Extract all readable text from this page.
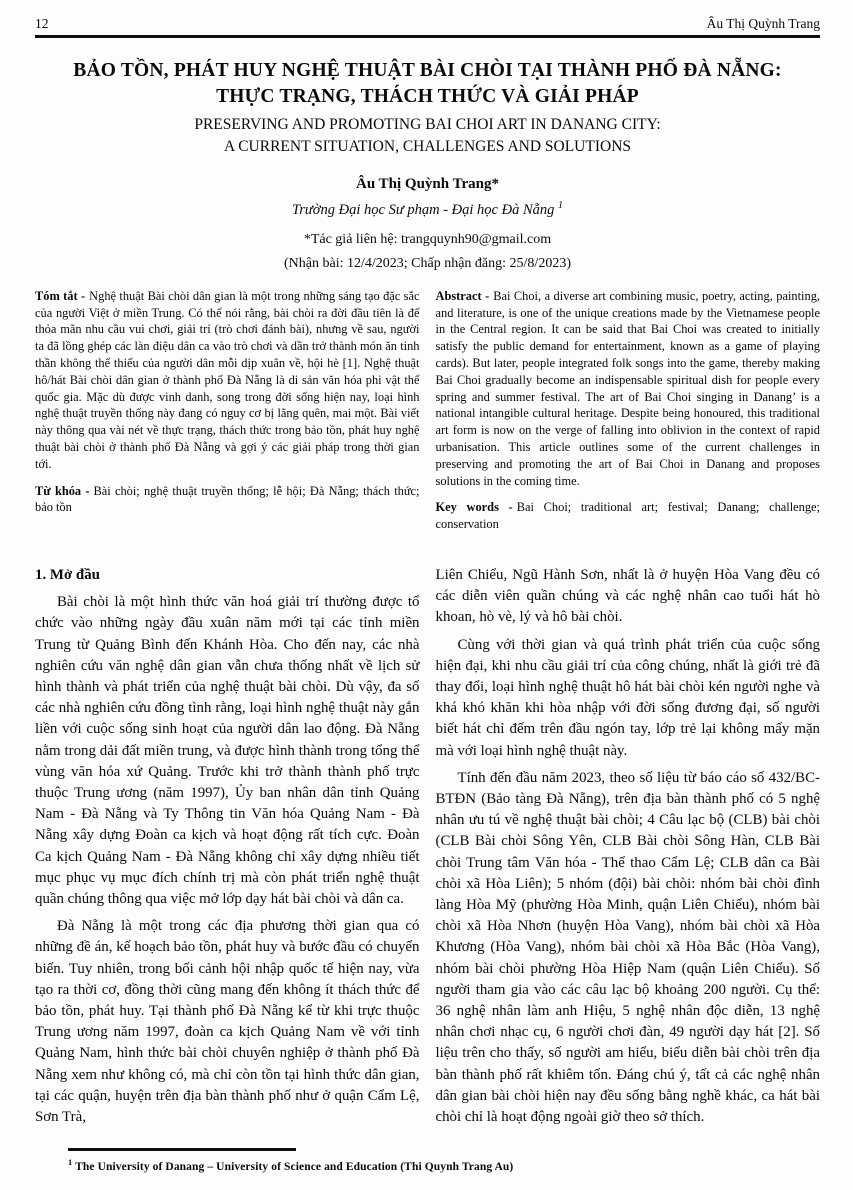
12	Âu Thị Quỳnh Trang
BẢO TỒN, PHÁT HUY NGHỆ THUẬT BÀI CHÒI TẠI THÀNH PHỐ ĐÀ NẴNG:
THỰC TRẠNG, THÁCH THỨC VÀ GIẢI PHÁP
PRESERVING AND PROMOTING BAI CHOI ART IN DANANG CITY:
A CURRENT SITUATION, CHALLENGES AND SOLUTIONS
Âu Thị Quỳnh Trang*
Trường Đại học Sư phạm - Đại học Đà Nẵng $^1$
*Tác giả liên hệ: trangquynh90@gmail.com
(Nhận bài: 12/4/2023; Chấp nhận đăng: 25/8/2023)

Tóm tắt - Nghệ thuật Bài chòi dân gian là một trong những sáng tạo đặc sắc của người Việt ở miền Trung. Có thể nói rằng, bài chòi ra đời đầu tiên là để thỏa mãn nhu cầu vui chơi, giải trí (trò chơi đánh bài), nhưng về sau, người ta đã lồng ghép các làn điệu dân ca vào trò chơi và dần trở thành món ăn tinh thần không thể thiếu của người dân mỗi dịp xuân về, hội hè [1]. Nghệ thuật hô/hát Bài chòi dân gian ở thành phố Đà Nẵng là di sản văn hóa phi vật thể quốc gia. Mặc dù được vinh danh, song trong đời sống hiện nay, loại hình nghệ thuật truyền thống này đang có nguy cơ bị lãng quên, mai một. Bài viết này thông qua vài nét về thực trạng, thách thức trong bảo tồn, phát huy nghệ thuật bài chòi ở thành phố Đà Nẵng và gợi ý các giải pháp trong thời gian tới.

Từ khóa - Bài chòi; nghệ thuật truyền thống; lễ hội; Đà Nẵng; thách thức; bảo tồn

Abstract - Bai Choi, a diverse art combining music, poetry, acting, painting, and literature, is one of the unique creations made by the Vietnamese people in the Central region. It can be said that Bai Choi was created to initially satisfy the public demand for entertainment, known as a game of playing cards). But later, people integrated folk songs into the game, thereby making Bai Choi gradually become an indispensable spiritual dish for people every spring and summer festival. The art of Bai Choi singing in Danang’ is a national intangible cultural heritage. Despite being honoured, this traditional art form is now on the verge of falling into oblivion in the context of rapid urbanisation. This article outlines some of the current challenges in preserving and promoting the art of Bai Choi in Danang and proposes solutions in the coming time.

Key words - Bai Choi; traditional art; festival; Danang; challenge; conservation

1. Mở đầu

Bài chòi là một hình thức văn hoá giải trí thường được tổ chức vào những ngày đầu xuân năm mới tại các tỉnh miền Trung từ Quảng Bình đến Khánh Hòa. Cho đến nay, các nhà nghiên cứu văn nghệ dân gian vẫn chưa thống nhất về lịch sử hình thành và phát triển của nghệ thuật bài chòi. Dù vậy, đa số các nhà nghiên cứu đồng tình rằng, loại hình nghệ thuật này gắn liền với cuộc sống sinh hoạt của người dân lao động. Đà Nẵng nằm trong dải đất miền trung, và được hình thành trong tổng thể vùng văn hóa xứ Quảng. Trước khi trở thành thành phố trực thuộc Trung ương (năm 1997), Ủy ban nhân dân tỉnh Quảng Nam - Đà Nẵng và Ty Thông tin Văn hóa Quảng Nam - Đà Nẵng xây dựng Đoàn ca kịch và hoạt động rất tích cực. Đoàn Ca kịch Quảng Nam - Đà Nẵng không chỉ xây dựng nhiều tiết mục phục vụ mục đích chính trị mà còn phát triển nghệ thuật quần chúng thông qua việc mở lớp dạy hát bài chòi và dân ca.

Đà Nẵng là một trong các địa phương thời gian qua có những đề án, kế hoạch bảo tồn, phát huy và bước đầu có chuyển biến. Tuy nhiên, trong bối cảnh hội nhập quốc tế hiện nay, vừa tạo ra thời cơ, đồng thời cũng mang đến không ít thách thức để bảo tồn, phát huy. Tại thành phố Đà Nẵng kể từ khi trực thuộc Trung ương năm 1997, đoàn ca kịch Quảng Nam về với tỉnh Quảng Nam, hình thức bài chòi chuyên nghiệp ở thành phố Đà Nẵng xem như không có, mà chỉ còn tồn tại hình thức dân gian, tại các quận, huyện trên địa bàn thành phố như ở quận Cẩm Lệ, Sơn Trà,

Liên Chiểu, Ngũ Hành Sơn, nhất là ở huyện Hòa Vang đều có các diễn viên quần chúng và các nghệ nhân cao tuổi hát hò khoan, hò vè, lý và hô bài chòi.

Cùng với thời gian và quá trình phát triển của cuộc sống hiện đại, khi nhu cầu giải trí của công chúng, nhất là giới trẻ đã thay đổi, loại hình nghệ thuật hô hát bài chòi kén người nghe và khá khó khăn khi hòa nhập với đời sống đương đại, số người biết hát chỉ đếm trên đầu ngón tay, lớp trẻ lại không mấy mặn mà với loại hình nghệ thuật này.

Tính đến đầu năm 2023, theo số liệu từ báo cáo số 432/BC-BTĐN (Bảo tàng Đà Nẵng), trên địa bàn thành phố có 5 nghệ nhân ưu tú về nghệ thuật bài chòi; 4 Câu lạc bộ (CLB) bài chòi (CLB Bài chòi Sông Yên, CLB Bài chòi Sông Hàn, CLB Bài chòi Trung tâm Văn hóa - Thể thao Cẩm Lệ; CLB dân ca Bài chòi xã Hòa Liên); 5 nhóm (đội) bài chòi: nhóm bài chòi đình làng Hòa Mỹ (phường Hòa Minh, quận Liên Chiểu), nhóm bài chòi xã Hòa Nhơn (huyện Hòa Vang), nhóm bài chòi xã Hòa Khương (Hòa Vang), nhóm bài chòi xã Hòa Bắc (Hòa Vang), nhóm bài chòi phường Hòa Hiệp Nam (quận Liên Chiểu). Số người tham gia vào các câu lạc bộ khoảng 200 người. Cụ thể: 36 nghệ nhân làm anh Hiệu, 5 nghệ nhân độc diễn, 13 nghệ nhân chơi nhạc cụ, 6 người chơi đàn, 49 người dạy hát [2]. Số liệu trên cho thấy, số người am hiểu, biểu diễn bài chòi trên địa bàn thành phố rất khiêm tốn. Đáng chú ý, tất cả các nghệ nhân dân gian bài chòi hiện nay đều sống bằng nghề khác, ca hát bài chòi chỉ là hoạt động ngoài giờ theo sở thích.

$^1$ The University of Danang – University of Science and Education (Thi Quynh Trang Au)
